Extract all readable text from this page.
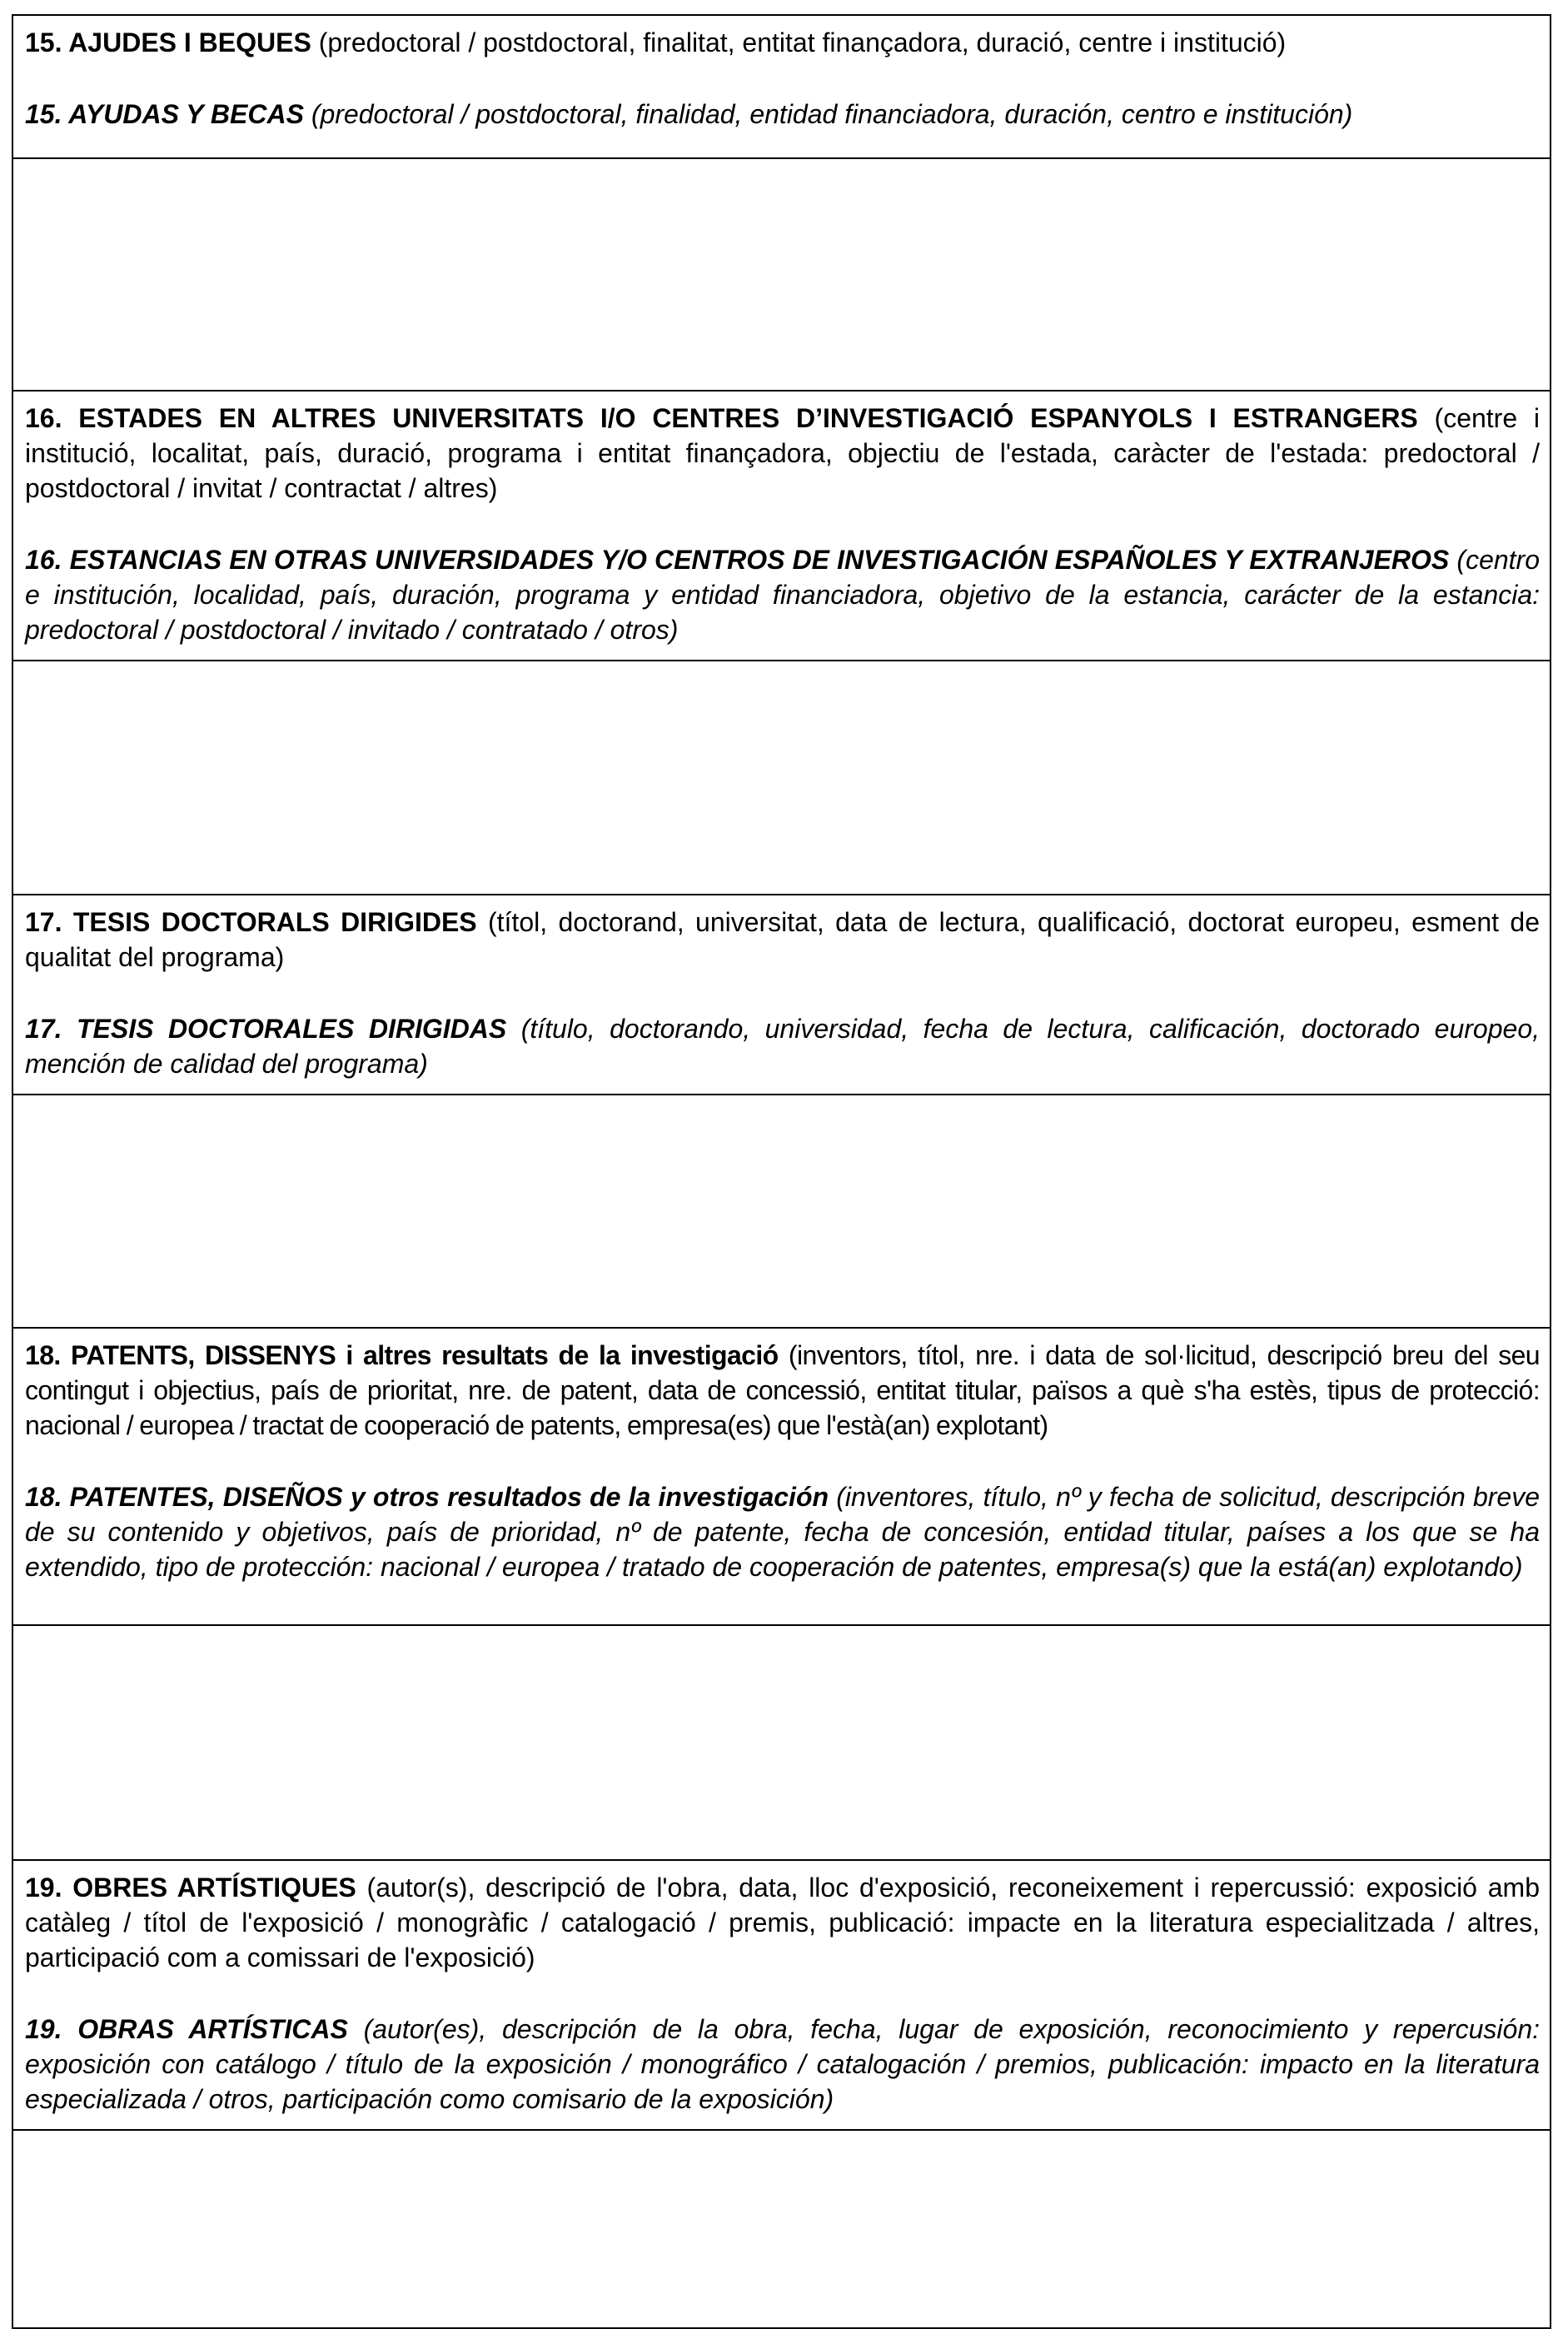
15. AJUDES I BEQUES (predoctoral / postdoctoral, finalitat, entitat finançadora, duració, centre i institució)

15. AYUDAS Y BECAS (predoctoral / postdoctoral, finalidad, entidad financiadora, duración, centro e institución)

16. ESTADES EN ALTRES UNIVERSITATS I/O CENTRES D’INVESTIGACIÓ ESPANYOLS I ESTRANGERS (centre i institució, localitat, país, duració, programa i entitat finançadora, objectiu de l'estada, caràcter de l'estada: predoctoral / postdoctoral / invitat / contractat / altres)

16. ESTANCIAS EN OTRAS UNIVERSIDADES Y/O CENTROS DE INVESTIGACIÓN ESPAÑOLES Y EXTRANJEROS (centro e institución, localidad, país, duración, programa y entidad financiadora, objetivo de la estancia, carácter de la estancia: predoctoral / postdoctoral / invitado / contratado / otros)

17. TESIS DOCTORALS DIRIGIDES (títol, doctorand, universitat, data de lectura, qualificació, doctorat europeu, esment de qualitat del programa)

17. TESIS DOCTORALES DIRIGIDAS (título, doctorando, universidad, fecha de lectura, calificación, doctorado europeo, mención de calidad del programa)

18. PATENTS, DISSENYS i altres resultats de la investigació (inventors, títol, nre. i data de sol·licitud, descripció breu del seu contingut i objectius, país de prioritat, nre. de patent, data de concessió, entitat titular, països a què s'ha estès, tipus de protecció: nacional / europea / tractat de cooperació de patents, empresa(es) que l'està(an) explotant)

18. PATENTES, DISEÑOS y otros resultados de la investigación (inventores, título, nº y fecha de solicitud, descripción breve de su contenido y objetivos, país de prioridad, nº de patente, fecha de concesión, entidad titular, países a los que se ha extendido, tipo de protección: nacional / europea / tratado de cooperación de patentes, empresa(s) que la está(an) explotando)

19. OBRES ARTÍSTIQUES (autor(s), descripció de l'obra, data, lloc d'exposició, reconeixement i repercussió: exposició amb catàleg / títol de l'exposició / monogràfic / catalogació / premis, publicació: impacte en la literatura especialitzada / altres, participació com a comissari de l'exposició)

19. OBRAS ARTÍSTICAS (autor(es), descripción de la obra, fecha, lugar de exposición, reconocimiento y repercusión: exposición con catálogo / título de la exposición / monográfico / catalogación / premios, publicación: impacto en la literatura especializada / otros, participación como comisario de la exposición)
